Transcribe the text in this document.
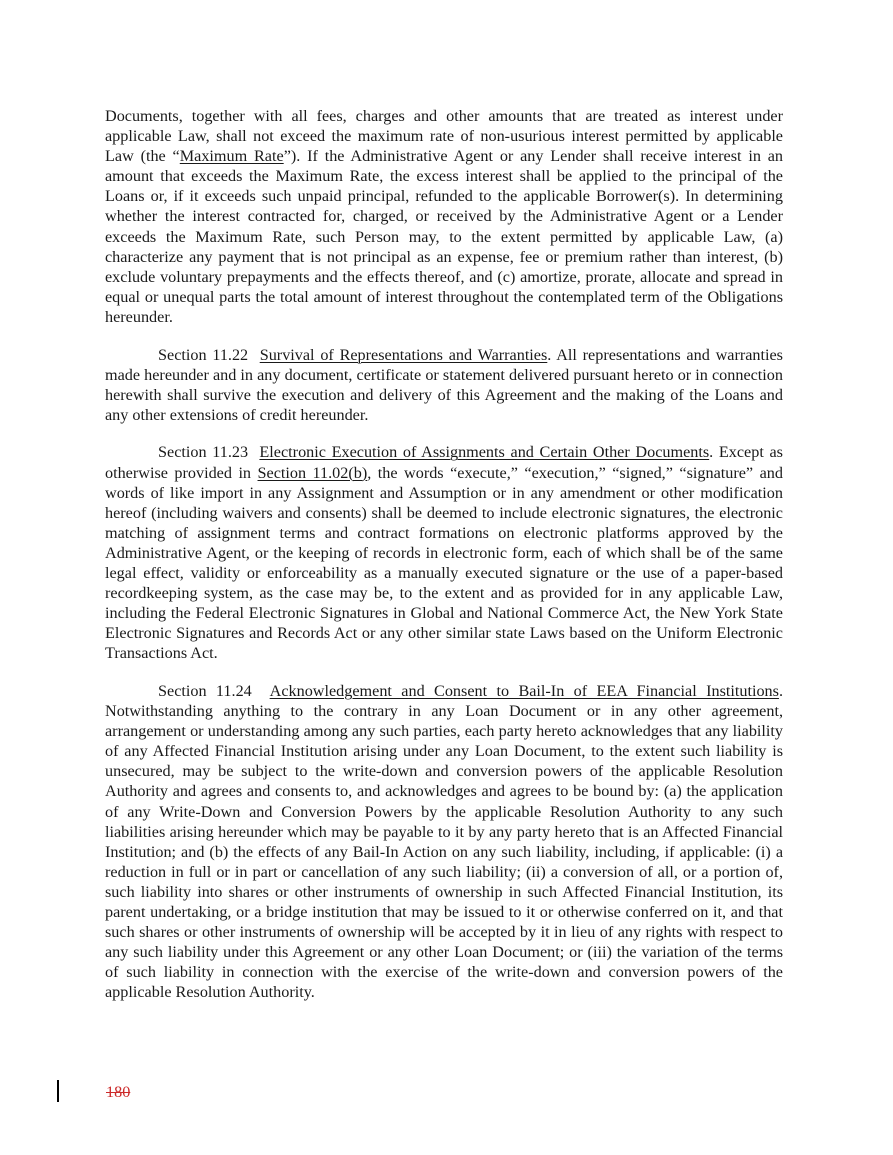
Documents, together with all fees, charges and other amounts that are treated as interest under applicable Law, shall not exceed the maximum rate of non-usurious interest permitted by applicable Law (the “Maximum Rate”). If the Administrative Agent or any Lender shall receive interest in an amount that exceeds the Maximum Rate, the excess interest shall be applied to the principal of the Loans or, if it exceeds such unpaid principal, refunded to the applicable Borrower(s). In determining whether the interest contracted for, charged, or received by the Administrative Agent or a Lender exceeds the Maximum Rate, such Person may, to the extent permitted by applicable Law, (a) characterize any payment that is not principal as an expense, fee or premium rather than interest, (b) exclude voluntary prepayments and the effects thereof, and (c) amortize, prorate, allocate and spread in equal or unequal parts the total amount of interest throughout the contemplated term of the Obligations hereunder.

Section 11.22 Survival of Representations and Warranties. All representations and warranties made hereunder and in any document, certificate or statement delivered pursuant hereto or in connection herewith shall survive the execution and delivery of this Agreement and the making of the Loans and any other extensions of credit hereunder.

Section 11.23 Electronic Execution of Assignments and Certain Other Documents. Except as otherwise provided in Section 11.02(b), the words “execute,” “execution,” “signed,” “signature” and words of like import in any Assignment and Assumption or in any amendment or other modification hereof (including waivers and consents) shall be deemed to include electronic signatures, the electronic matching of assignment terms and contract formations on electronic platforms approved by the Administrative Agent, or the keeping of records in electronic form, each of which shall be of the same legal effect, validity or enforceability as a manually executed signature or the use of a paper-based recordkeeping system, as the case may be, to the extent and as provided for in any applicable Law, including the Federal Electronic Signatures in Global and National Commerce Act, the New York State Electronic Signatures and Records Act or any other similar state Laws based on the Uniform Electronic Transactions Act.

Section 11.24 Acknowledgement and Consent to Bail-In of EEA Financial Institutions. Notwithstanding anything to the contrary in any Loan Document or in any other agreement, arrangement or understanding among any such parties, each party hereto acknowledges that any liability of any Affected Financial Institution arising under any Loan Document, to the extent such liability is unsecured, may be subject to the write-down and conversion powers of the applicable Resolution Authority and agrees and consents to, and acknowledges and agrees to be bound by: (a) the application of any Write-Down and Conversion Powers by the applicable Resolution Authority to any such liabilities arising hereunder which may be payable to it by any party hereto that is an Affected Financial Institution; and (b) the effects of any Bail-In Action on any such liability, including, if applicable: (i) a reduction in full or in part or cancellation of any such liability; (ii) a conversion of all, or a portion of, such liability into shares or other instruments of ownership in such Affected Financial Institution, its parent undertaking, or a bridge institution that may be issued to it or otherwise conferred on it, and that such shares or other instruments of ownership will be accepted by it in lieu of any rights with respect to any such liability under this Agreement or any other Loan Document; or (iii) the variation of the terms of such liability in connection with the exercise of the write-down and conversion powers of the applicable Resolution Authority.

180
